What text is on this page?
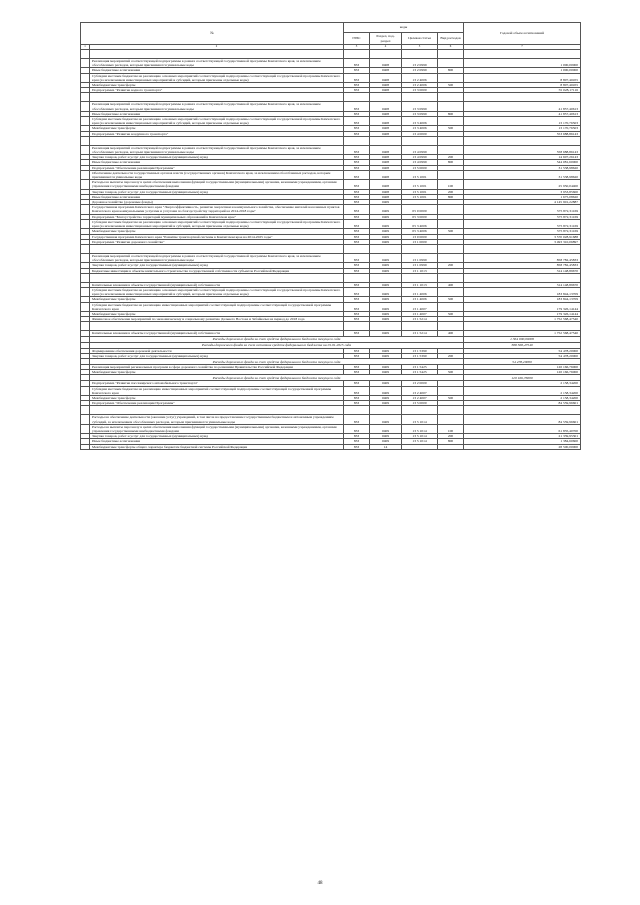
№		коды				Годовой объем ассигнований
		ГРБС	Раздел, под-раздел	Целевая статья	Вид расходов	
1	2	3	4	5	6	7

	Реализация мероприятий соответствующей подпрограммы в рамках соответствующей государственной программы Камчатского края, за исключением обособленных расходов, которым присваиваются уникальные коды	833	0408	13 2 0999		1 000,00000
	Иные бюджетные ассигнования	833	0408	13 2 0999	800	1 000,00000
	Субсидии местным бюджетам на реализацию основных мероприятий соответствующей подпрограммы соответствующей государственной программы Камчатского края (за исключением инвестиционных мероприятий и субсидий, которым присвоены отдельные коды)	833	0408	13 2 4006		8 807,40455
	Межбюджетные трансферты	833	0408	13 2 4006	500	8 807,40455
	Подпрограмма "Развитие водного транспорта"	833	0408	13 3 0000		55 028,17116

	Реализация мероприятий соответствующей подпрограммы в рамках соответствующей государственной программы Камчатского края, за исключением обособленных расходов, которым присваиваются уникальные коды	833	0408	13 3 0999		41 857,40613
	Иные бюджетные ассигнования	833	0408	13 3 0999	800	41 857,40613
	Субсидии местным бюджетам на реализацию основных мероприятий соответствующей подпрограммы соответствующей государственной программы Камчатского края (за исключением инвестиционных мероприятий и субсидий, которым присвоены отдельные коды)	833	0408	13 3 4006		13 170,76503
	Межбюджетные трансферты	833	0408	13 3 4006	500	13 170,76503
	Подпрограмма "Развитие воздушного транспорта"	833	0408	13 4 0000		553 688,86143

	Реализация мероприятий соответствующей подпрограммы в рамках соответствующей государственной программы Камчатского края, за исключением обособленных расходов, которым присваиваются уникальные коды	833	0408	13 4 0999		558 688,86143
	Закупка товаров, работ и услуг для государственных (муниципальных) нужд	833	0408	13 4 0999	200	14 607,26143
	Иные бюджетные ассигнования	833	0408	13 4 0999	800	544 081,60000
	Подпрограмма "Обеспечение реализации Программы"	833	0408	13 5 0000		31 538,98620
	Обеспечение деятельности государственных органов власти (государственных органов) Камчатского края, за исключением обособленных расходов, которым присваиваются уникальные коды	833	0408	13 5 1001		31 538,98620
	Расходы на выплаты персоналу в целях обеспечения выполнения функций государственными (муниципальными) органами, казенными учреждениями, органами управления государственными внебюджетными фондами	833	0408	13 5 1001	100	25 950,04400
	Закупка товаров, работ и услуг для государственных (муниципальных) нужд	833	0408	13 5 1001	200	3 953,85600
	Иные бюджетные ассигнования	833	0408	13 5 1001	800	1 675,08620
	Дорожное хозяйство (дорожные фонды)	833	0409			4 145 901,22887
	Государственная программа Камчатского края "Энергоэффективность, развитие энергетики и коммунального хозяйства, обеспечение жителей населенных пунктов Камчатского края коммунальными услугами и услугами по благоустройству территорий на 2014-2018 годы"	833	0409	05 0 0000		575 872,31169
	Подпрограмма "Благоустройство территорий муниципальных образований в Камчатском крае"	833	0409	05 3 0000		575 872,31169
	Субсидии местным бюджетам на реализацию основных мероприятий соответствующей подпрограммы соответствующей государственной программы Камчатского края (за исключением инвестиционных мероприятий и субсидий, которым присвоены отдельные коды)	833	0409	05 3 4006		575 872,31169
	Межбюджетные трансферты	833	0409	05 3 4006	500	575 872,31169
	Государственная программа Камчатского края "Развитие транспортной системы в Камчатском крае на 2014-2025 годы"	833	0409	13 0 0000		3 570 028,91688
	Подпрограмма "Развитие дорожного хозяйства"	833	0409	13 1 0000		3 493 310,06897

	Реализация мероприятий соответствующей подпрограммы в рамках соответствующей государственной программы Камчатского края, за исключением обособленных расходов, которым присваиваются уникальные коды	833	0409	13 1 0999		858 782,45833
	Закупка товаров, работ и услуг для государственных (муниципальных) нужд	833	0409	13 1 0999	200	858 782,45833
	Бюджетные инвестиции в объекты капитального строительства государственной собственности субъектов Российской Федерации	833	0409	13 1 1013		314 148,89670

	Капитальные вложения в объекты государственной (муниципальной) собственности	833	0409	13 1 1013	400	314 148,89670
	Субсидии местным бюджетам на реализацию основных мероприятий соответствующей подпрограммы соответствующей государственной программы Камчатского края (за исключением инвестиционных мероприятий и субсидий, которым присвоены отдельные коды)	833	0409	13 1 4006		183 844,13709
	Межбюджетные трансферты	833	0409	13 1 4006	500	183 844,13709
	Субсидии местным бюджетам на реализацию инвестиционных мероприятий соответствующей подпрограммы соответствующей государственной программы Камчатского края	833	0409	13 1 4007		179 326,14144
	Межбюджетные трансферты	833	0409	13 1 4007	500	179 326,14144
	Финансовое обеспечение мероприятий по экономическому и социальному развитию Дальнего Востока и Забайкалья на период до 2018 года	833	0409	13 1 5214		1 752 568,47540

	Капитальные вложения в объекты государственной (муниципальной) собственности	833	0409	13 1 5214	400	1 752 568,47540
	Расходы дорожного фонда за счет средств федерального бюджета текущего года					1 364 000,00000
	Расходы дорожного фонда за счет остатков средств федерального бюджета на 01.01.2015 года					388 568,47540
	Формирование обеспечения дорожной деятельности	833	0409	13 1 5390		54 478,20000
	Закупка товаров, работ и услуг для государственных (муниципальных) нужд	833	0409	13 1 5390	200	54 478,20000
	Расходы дорожного фонда за счет средств федерального бюджета текущего года					54 478,20000
	Реализация мероприятий региональных программ в сфере дорожного хозяйства по решениям Правительства Российской Федерации	833	0409	13 1 5425		120 166,76000
	Межбюджетные трансферты	833	0409	13 1 5425	500	120 166,76000
	Расходы дорожного фонда за счет средств федерального бюджета текущего года					120 166,76000
	Подпрограмма "Развитие пассажирского автомобильного транспорта"	833	0409	13 2 0000		2 158,34200
	Субсидии местным бюджетам на реализацию инвестиционных мероприятий соответствующей подпрограммы соответствующей государственной программы Камчатского края	833	0409	13 2 4007		2 158,34200
	Межбюджетные трансферты	833	0409	13 2 4007	500	2 158,34200
	Подпрограмма "Обеспечение реализации Программы"	833	0409	13 5 0000		84 559,96601

	Расходы на обеспечение деятельности (оказание услуг) учреждений, в том числе на предоставление государственным бюджетным и автономным учреждениям субсидий, за исключением обособленных расходов, которым присваиваются уникальные коды	833	0409	13 5 1014		84 559,96601
	Расходы на выплаты персоналу в целях обеспечения выполнения функций государственными (муниципальными) органами, казенными учреждениями, органами управления государственными внебюджетными фондами	833	0409	13 5 1014	100	61 835,40700
	Закупка товаров, работ и услуг для государственных (муниципальных) нужд	833	0409	13 5 1014	200	21 339,95301
	Иные бюджетные ассигнования	833	0409	13 5 1014	800	1 384,60600
	Межбюджетные трансферты общего характера бюджетам бюджетной системы Российской Федерации	833	14			28 500,00000
48
